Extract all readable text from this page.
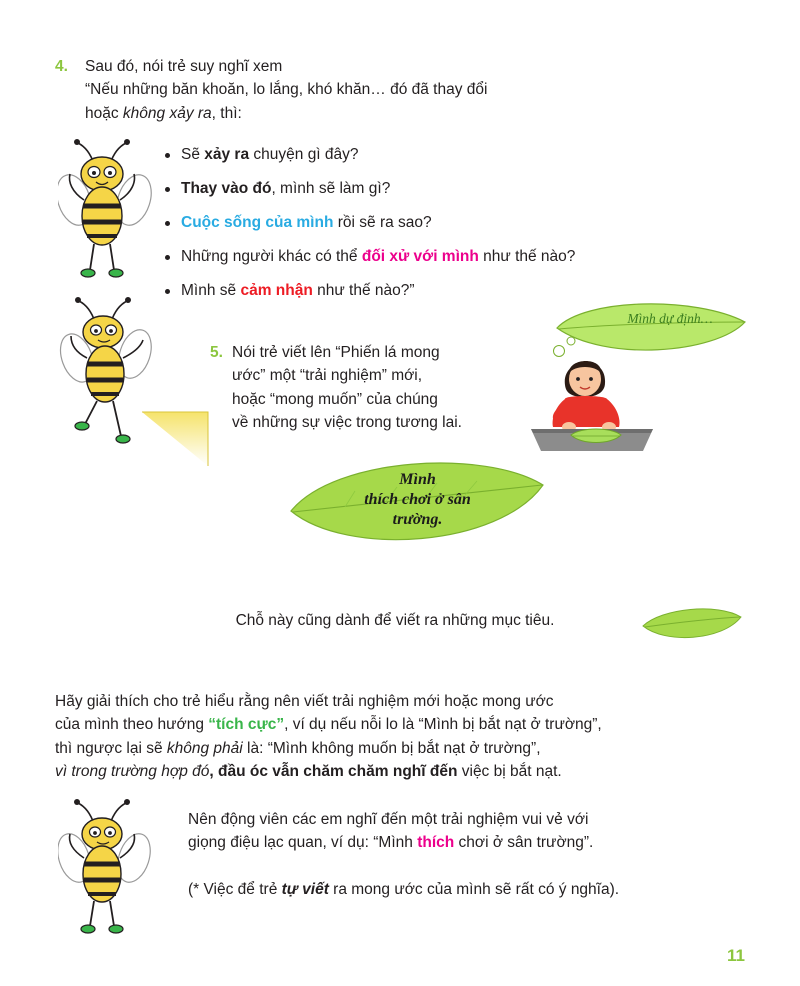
4. Sau đó, nói trẻ suy nghĩ xem
“Nếu những băn khoăn, lo lắng, khó khăn… đó đã thay đổi
hoặc không xảy ra, thì:
Sẽ xảy ra chuyện gì đây?
Thay vào đó, mình sẽ làm gì?
Cuộc sống của mình rồi sẽ ra sao?
Những người khác có thể đối xử với mình như thế nào?
Mình sẽ cảm nhận như thế nào?”
5. Nói trẻ viết lên “Phiến lá mong
ước” một “trải nghiệm” mới,
hoặc “mong muốn” của chúng
về những sự việc trong tương lai.
Mình dự định…
Mình
thích chơi ở sân
trường.
Chỗ này cũng dành để viết ra những mục tiêu.
Hãy giải thích cho trẻ hiểu rằng nên viết trải nghiệm mới hoặc mong ước
của mình theo hướng “tích cực”, ví dụ nếu nỗi lo là “Mình bị bắt nạt ở trường”,
thì ngược lại sẽ không phải là: “Mình không muốn bị bắt nạt ở trường”,
vì trong trường hợp đó, đầu óc vẫn chăm chăm nghĩ đến việc bị bắt nạt.
Nên động viên các em nghĩ đến một trải nghiệm vui vẻ với
giọng điệu lạc quan, ví dụ: “Mình thích chơi ở sân trường”.
(* Việc để trẻ tự viết ra mong ước của mình sẽ rất có ý nghĩa).
11
